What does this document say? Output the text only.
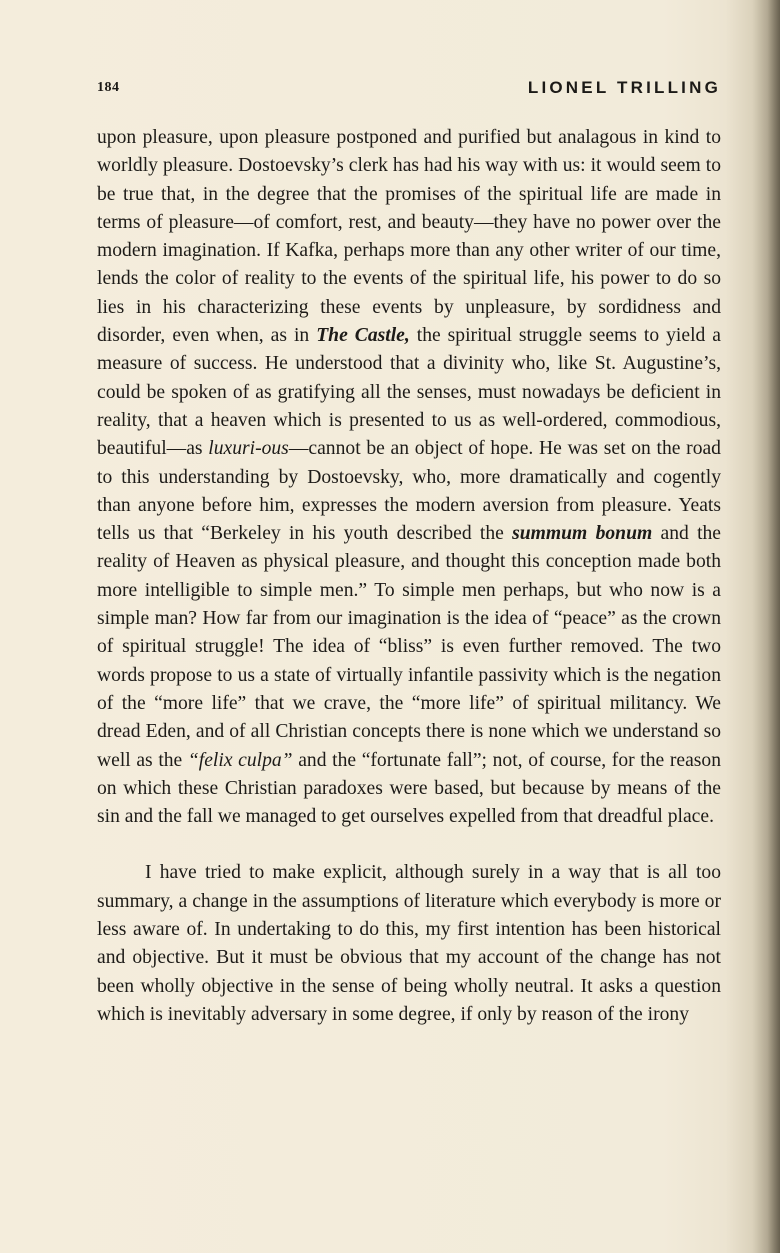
184	LIONEL TRILLING

upon pleasure, upon pleasure postponed and purified but analagous in kind to worldly pleasure. Dostoevsky’s clerk has had his way with us: it would seem to be true that, in the degree that the promises of the spiritual life are made in terms of pleasure—of comfort, rest, and beauty—they have no power over the modern imagination. If Kafka, perhaps more than any other writer of our time, lends the color of reality to the events of the spiritual life, his power to do so lies in his characterizing these events by unpleasure, by sordidness and disorder, even when, as in The Castle, the spiritual struggle seems to yield a measure of success. He understood that a divinity who, like St. Augustine’s, could be spoken of as gratifying all the senses, must nowadays be deficient in reality, that a heaven which is presented to us as well-ordered, commodious, beautiful—as luxuri-ous—cannot be an object of hope. He was set on the road to this understanding by Dostoevsky, who, more dramatically and cogently than anyone before him, expresses the modern aversion from pleasure. Yeats tells us that “Berkeley in his youth described the summum bonum and the reality of Heaven as physical pleasure, and thought this conception made both more intelligible to simple men.” To simple men perhaps, but who now is a simple man? How far from our imagination is the idea of “peace” as the crown of spiritual struggle! The idea of “bliss” is even further removed. The two words propose to us a state of virtually infantile passivity which is the negation of the “more life” that we crave, the “more life” of spiritual militancy. We dread Eden, and of all Christian concepts there is none which we understand so well as the “felix culpa” and the “fortunate fall”; not, of course, for the reason on which these Christian paradoxes were based, but because by means of the sin and the fall we managed to get ourselves expelled from that dreadful place.

I have tried to make explicit, although surely in a way that is all too summary, a change in the assumptions of literature which everybody is more or less aware of. In undertaking to do this, my first intention has been historical and objective. But it must be obvious that my account of the change has not been wholly objective in the sense of being wholly neutral. It asks a question which is inevitably adversary in some degree, if only by reason of the irony
